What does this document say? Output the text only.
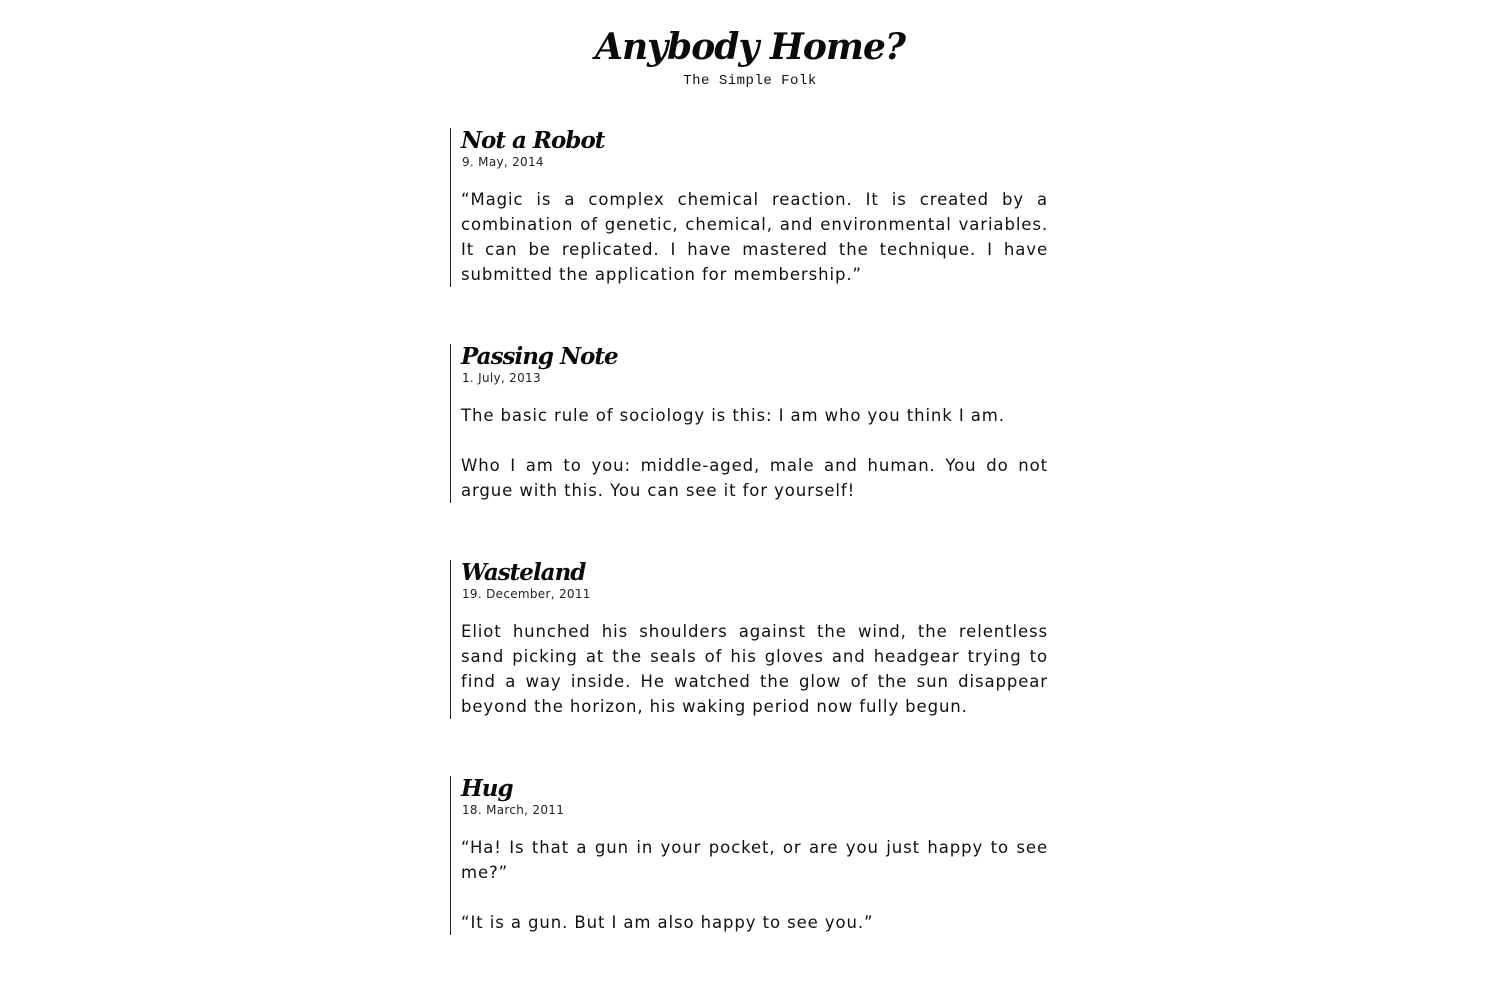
Anybody Home?

The Simple Folk

Not a Robot

9. May, 2014

“Magic is a complex chemical reaction. It is created by a combination of genetic, chemical, and environmental variables. It can be replicated. I have mastered the technique. I have submitted the application for membership.”

Passing Note

1. July, 2013

The basic rule of sociology is this: I am who you think I am.

Who I am to you: middle-aged, male and human. You do not argue with this. You can see it for yourself!

Wasteland

19. December, 2011

Eliot hunched his shoulders against the wind, the relentless sand picking at the seals of his gloves and headgear trying to find a way inside. He watched the glow of the sun disappear beyond the horizon, his waking period now fully begun.

Hug

18. March, 2011

“Ha! Is that a gun in your pocket, or are you just happy to see me?”

“It is a gun. But I am also happy to see you.”
